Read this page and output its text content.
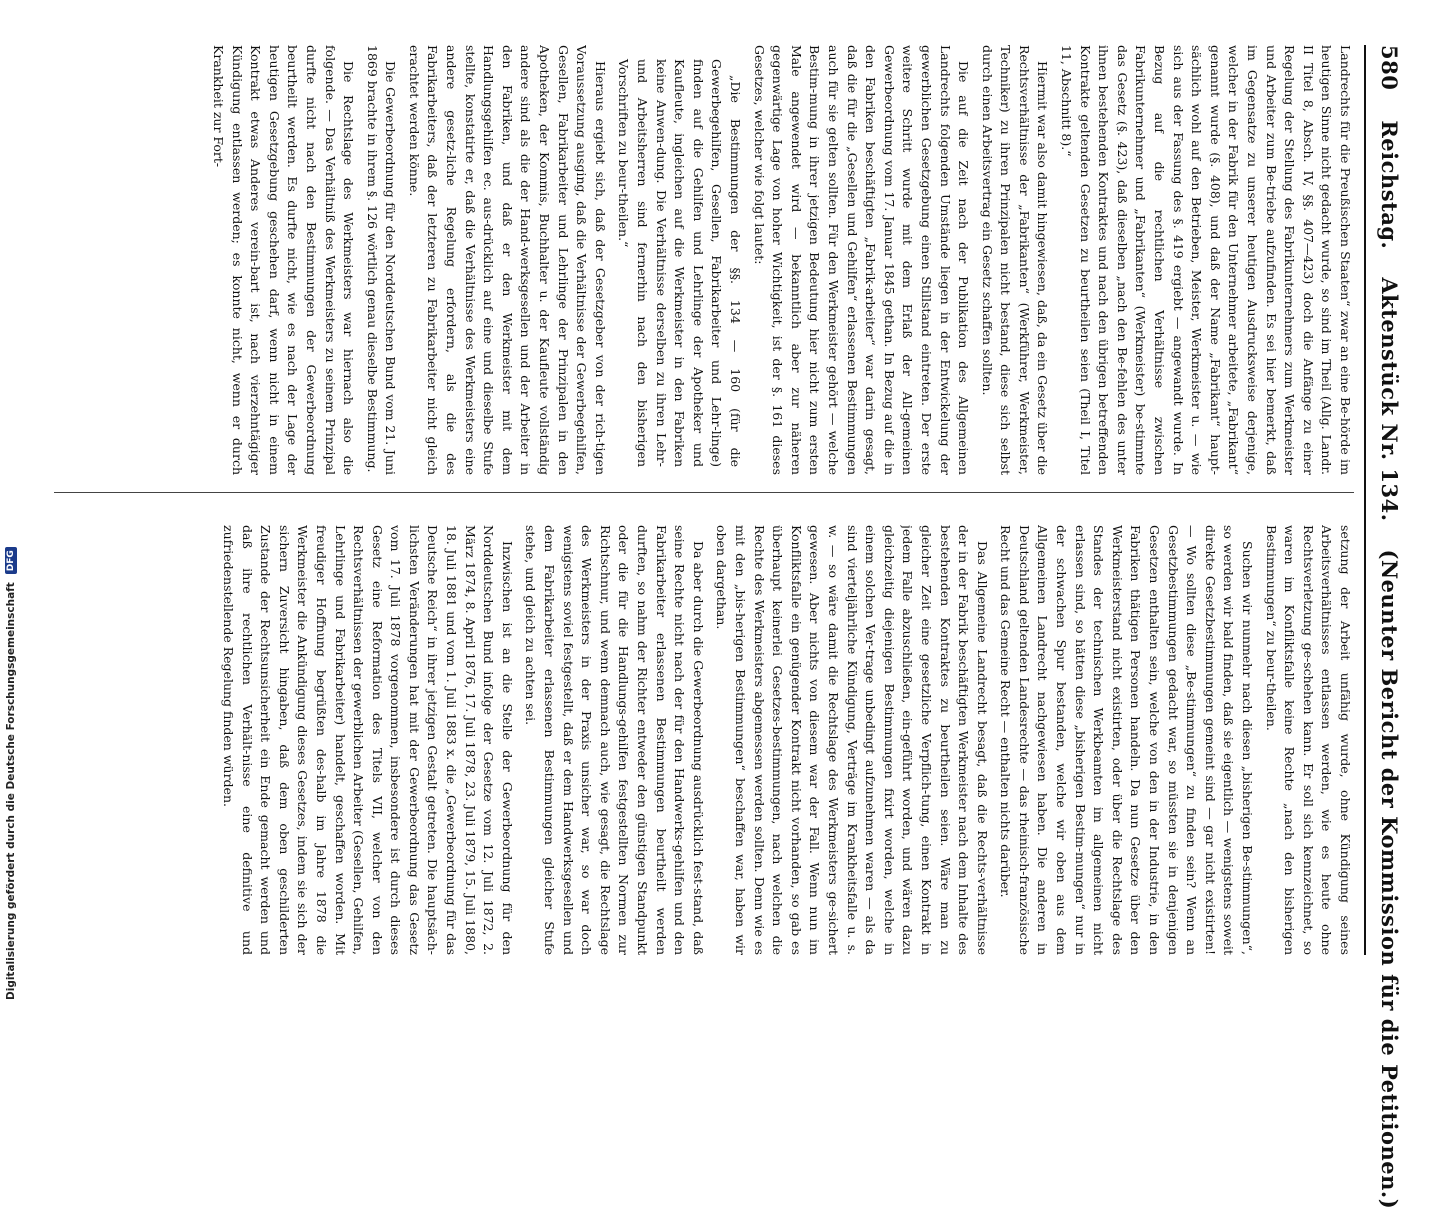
580
Reichstag.
Aktenstück Nr. 134.
(Neunter Bericht der Kommission für die Petitionen.)

Landrechts für die Preußischen Staaten“ zwar an eine Be-hörde im heutigen Sinne nicht gedacht wurde, so sind im Theil (Allg. Landr. II Titel 8, Absch. IV, §§. 407—423) doch die Anfänge zu einer Regelung der Stellung des Fabrikunternehmers zum Werkmeister und Arbeiter zum Be-triebe aufzufinden. Es sei hier bemerkt, daß im Gegensatze zu unserer heutigen Ausdrucksweise derjenige, welcher in der Fabrik für den Unternehmer arbeitete, „Fabrikant“ genannt wurde (§. 408), und daß der Name „Fabrikant“ haupt-sächlich wohl auf den Betrieben, Meister, Werkmeister u. — wie sich aus der Fassung des §. 419 ergiebt — angewandt wurde. In Bezug auf die rechtlichen Verhältnisse zwischen Fabrikunternehmer und „Fabrikanten“ (Werkmeister) be-stimmte das Gesetz (§. 423), daß dieselben „nach den Be-fehlen des unter ihnen bestehenden Kontraktes und nach den übrigen betreffenden Kontrakte geltenden Gesetzen zu beurtheilen seien (Theil I, Titel 11, Abschnitt 8).“

Hiermit war also damit hingewiesen, daß, da ein Gesetz über die Rechtsverhältnisse der „Fabrikanten“ (Werkführer, Werkmeister, Techniker) zu ihren Prinzipalen nicht bestand, diese sich selbst durch einen Arbeitsvertrag ein Gesetz schaffen sollten.

Die auf die Zeit nach der Publikation des Allgemeinen Landrechts folgenden Umstände liegen in der Entwickelung der gewerblichen Gesetzgebung einen Stillstand eintreten. Der erste weitere Schritt wurde mit dem Erlaß der All-gemeinen Gewerbeordnung vom 17. Januar 1845 gethan. In Bezug auf die in den Fabriken beschäftigten „Fabrik-arbeiter“ war darin gesagt, daß die für die „Gesellen und Gehilfen“ erlassenen Bestimmungen auch für sie gelten sollten. Für den Werkmeister gehört — welche Bestim-mung in ihrer jetzigen Bedeutung hier nicht zum ersten Male angewendet wird — bekanntlich aber zur näheren gegenwärtige Lage von hoher Wichtigkeit, ist der §. 161 dieses Gesetzes, welcher wie folgt lautet:

„Die Bestimmungen der §§. 134 — 160 (für die Gewerbegehilfen, Gesellen, Fabrikarbeiter und Lehr-linge) finden auf die Gehilfen und Lehrlinge der Apotheker und Kaufleute, ingleichen auf die Werkmeister in den Fabriken keine Anwen-dung. Die Verhältnisse derselben zu ihren Lehr- und Arbeitsherren sind fernerhin nach den bisherigen Vorschriften zu beur-theilen.“

Hieraus ergiebt sich, daß der Gesetzgeber von der rich-tigen Voraussetzung ausging, daß die Verhältnisse der Gewerbegehilfen, Gesellen, Fabrikarbeiter und Lehrlinge der Prinzipalen in den Apotheken, der Kommis, Buchhalter u. der Kaufleute vollständig andere sind als die der Hand-werksgesellen und der Arbeiter in den Fabriken, und daß er den Werkmeister mit dem Handlungsgehilfen ec. aus-drücklich auf eine und dieselbe Stufe stellte, konstatirte er, daß die Verhältnisse des Werkmeisters eine andere gesetz-liche Regelung erfordern, als die des Fabrikarbeiters, daß der letzteren zu Fabrikarbeiter nicht gleich erachtet werden könne.

Die Gewerbeordnung für den Norddeutschen Bund vom 21. Juni 1869 brachte in ihrem §. 126 wörtlich genau dieselbe Bestimmung.

Die Rechtslage des Werkmeisters war hiernach also die folgende. — Das Verhältniß des Werkmeisters zu seinem Prinzipal durfte nicht nach den Bestimmungen der Gewerbeordnung beurtheilt werden. Es durfte nicht, wie es nach der Lage der heutigen Gesetzgebung geschehen darf, wenn nicht in einem Kontrakt etwas Anderes verein-bart ist, nach vierzehntägiger Kündigung entlassen werden; es konnte nicht, wenn er durch Krankheit zur Fort-

setzung der Arbeit unfähig wurde, ohne Kündigung seines Arbeitsverhältnisses entlassen werden, wie es heute ohne Rechtsverletzung ge-schehen kann. Er soll sich kennzeichnet, so waren im Konfliktsfalle keine Rechte „nach den bisherigen Bestimmungen“ zu beur-theilen.

Suchen wir nunmehr nach diesen „bisherigen Be-stimmungen“, so werden wir bald finden, daß sie eigentlich — wenigstens soweit direkte Gesetzbestimmungen gemeint sind — gar nicht existirten! — Wo sollten diese „Be-stimmungen“ zu finden sein? Wenn an Gesetzbestimmungen gedacht war, so müssten sie in denjenigen Gesetzen enthalten sein, welche von den in der Industrie, in den Fabriken thätigen Personen handeln. Da nun Gesetze über den Werkmeisterstand nicht existirten, oder über die Rechtslage des Standes der technischen Werkbeamten im allgemeinen nicht erlassen sind, so hätten diese „bisherigen Bestim-mungen“ nur in der schwachen Spur bestanden, welche wir oben aus dem Allgemeinen Landrecht nachgewiesen haben. Die anderen in Deutschland geltenden Landesrechte — das rheinisch-französische Recht und das Gemeine Recht — enthalten nichts darüber.

Das Allgemeine Landrecht besagt, daß die Rechts-verhältnisse der in der Fabrik beschäftigten Werkmeister nach dem Inhalte des bestehenden Kontraktes zu beurtheilen seien. Wäre man zu gleicher Zeit eine gesetzliche Verpflich-tung, einen Kontrakt in jedem Falle abzuschließen, ein-geführt worden, und wären dazu gleichzeitig diejenigen Bestimmungen fixirt worden, welche in einem solchen Ver-trage unbedingt aufzunehmen waren — als da sind vierteljährliche Kündigung, Verträge im Krankheitsfalle u. s. w. — so wäre damit die Rechtslage des Werkmeisters ge-sichert gewesen. Aber nichts von diesem war der Fall. Wenn nun im Konfliktsfalle ein genügender Kontrakt nicht vorhanden, so gab es überhaupt keinerlei Gesetzes-bestimmungen, nach welchen die Rechte des Werkmeisters abgemessen werden sollten. Denn wie es mit den „bis-herigen Bestimmungen“ beschaffen war, haben wir oben dargethan.

Da aber durch die Gewerbeordnung ausdrücklich fest-stand, daß seine Rechte nicht nach der für den Handwerks-gehilfen und den Fabrikarbeiter erlassenen Bestimmungen beurtheilt werden durften, so nahm der Richter entweder den günstigen Standpunkt oder die für die Handlungs-gehilfen festgestellten Normen zur Richtschnur, und wenn demnach auch, wie gesagt, die Rechtslage des Werkmeisters in der Praxis unsicher war, so war doch wenigstens soviel festgestellt, daß er dem Handwerksgesellen und dem Fabrikarbeiter erlassenen Bestimmungen gleicher Stufe stehe, und gleich zu achten sei.

Inzwischen ist an die Stelle der Gewerbeordnung für den Norddeutschen Bund infolge der Gesetze vom 12. Juli 1872, 2. März 1874, 8. April 1876, 17. Juli 1878, 23. Juli 1879, 15. Juli 1880, 18. Juli 1881 und vom 1. Juli 1883 x. die „Gewerbeordnung für das Deutsche Reich“ in ihrer jetzigen Gestalt getreten. Die hauptsäch-lichsten Veränderungen hat mit der Gewerbeordnung das Gesetz vom 17. Juli 1878 vorgenommen, insbesondere ist durch dieses Gesetz eine Reformation des Titels VII, welcher von den Rechtsverhältnissen der gewerblichen Arbeiter (Gesellen, Gehilfen, Lehrlinge und Fabrikarbeiter) handelt, geschaffen worden. Mit freudiger Hoffnung begrüßten des-halb im Jahre 1878 die Werkmeister die Ankündigung dieses Gesetzes, indem sie sich der sichern Zuversicht hingaben, daß dem oben geschilderten Zustande der Rechtsunsicherheit ein Ende gemacht werden und daß ihre rechtlichen Verhält-nisse eine definitive und zufriedenstellende Regelung finden würden.

Digitalisierung gefördert durch die Deutsche Forschungsgemeinschaft
DFG
